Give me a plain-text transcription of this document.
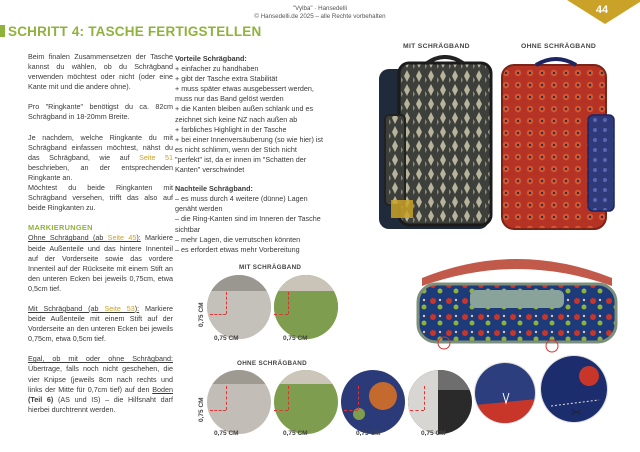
"Vylba" · Hansedelli
© Hansedelli.de 2025 – alle Rechte vorbehalten	44
SCHRITT 4: TASCHE FERTIGSTELLEN

Beim finalen Zusammensetzen der Tasche kannst du wählen, ob du Schrägband verwenden möchtest oder nicht (oder eine Kante mit und die andere ohne).

Pro "Ringkante" benötigst du ca. 82cm Schrägband in 18-20mm Breite.

Je nachdem, welche Ringkante du mit Schrägband einfassen möchtest, nähst du das Schrägband, wie auf Seite 51 beschrieben, an der entsprechenden Ringkante an.

Möchtest du beide Ringkanten mit Schrägband versehen, trifft das also auf beide Ringkanten zu.

MARKIERUNGEN

Ohne Schrägband (ab Seite 45): Markiere beide Außenteile und das hintere Innenteil auf der Vorderseite sowie das vordere Innenteil auf der Rückseite mit einem Stift an den unteren Ecken bei jeweils 0,75cm, etwa 0,5cm tief.

Mit Schrägband (ab Seite 53): Markiere beide Außenteile mit einem Stift auf der Vorderseite an den unteren Ecken bei jeweils 0,75cm, etwa 0,5cm tief.

Egal, ob mit oder ohne Schrägband: Übertrage, falls noch nicht geschehen, die vier Knipse (jeweils 8cm nach rechts und links der Mitte für 0,7cm tief) auf den Boden (Teil 6) (AS und IS) – die Hilfsnaht darf hierbei durchtrennt werden.

Vorteile Schrägband:
+ einfacher zu handhaben
+ gibt der Tasche extra Stabilität
+ muss später etwas ausgebessert werden, muss nur das Band gelöst werden
+ die Kanten bleiben außen schlank und es zeichnet sich keine NZ nach außen ab
+ farbliches Highlight in der Tasche
+ bei einer Innenversäuberung (so wie hier) ist es nicht schlimm, wenn der Stich nicht "perfekt" ist, da er innen im "Schatten der Kanten" verschwindet
Nachteile Schrägband:
– es muss durch 4 weitere (dünne) Lagen genäht werden
– die Ring-Kanten sind im Inneren der Tasche sichtbar
– mehr Lagen, die verrutschen könnten
– es erfordert etwas mehr Vorbereitung
MIT SCHRÄGBAND	OHNE SCHRÄGBAND
MIT SCHRÄGBAND
OHNE SCHRÄGBAND
0,75 CM
0,75 CM	0,75 CM
0,75 CM
0,75 CM	0,75 CM	0,75 CM	0,75 CM
✂
